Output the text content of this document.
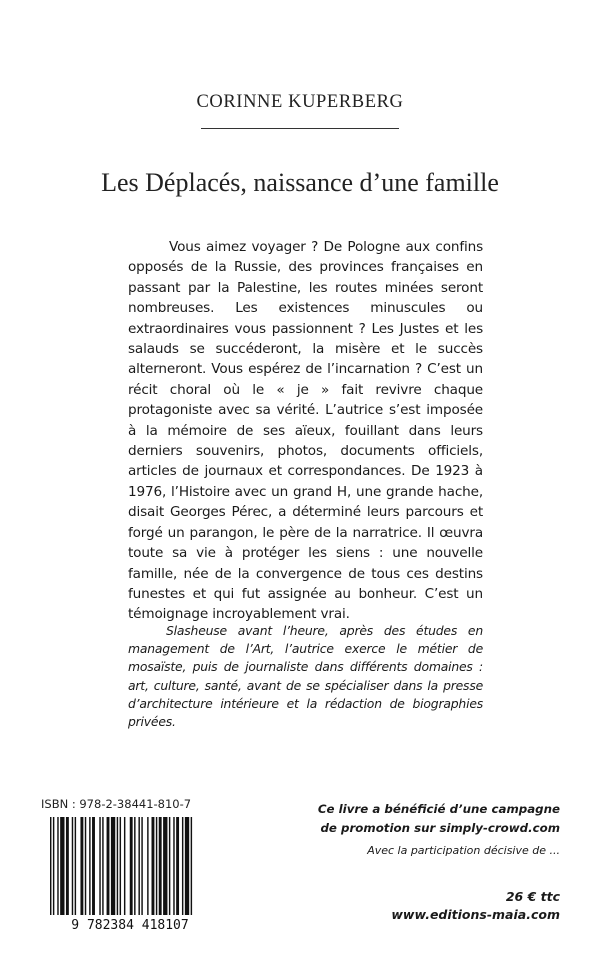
CORINNE KUPERBERG
Les Déplacés, naissance d’une famille

Vous aimez voyager ? De Pologne aux confins opposés de la Russie, des provinces françaises en passant par la Palestine, les routes minées seront nombreuses. Les existences minuscules ou extraordinaires vous passionnent ? Les Justes et les salauds se succéderont, la misère et le succès alterneront. Vous espérez de l’incarnation ? C’est un récit choral où le « je » fait revivre chaque protagoniste avec sa vérité. L’autrice s’est imposée à la mémoire de ses aïeux, fouillant dans leurs derniers souvenirs, photos, documents officiels, articles de journaux et correspondances. De 1923 à 1976, l’Histoire avec un grand H, une grande hache, disait Georges Pérec, a déterminé leurs parcours et forgé un parangon, le père de la narratrice. Il œuvra toute sa vie à protéger les siens : une nouvelle famille, née de la convergence de tous ces destins funestes et qui fut assignée au bonheur. C’est un témoignage incroyablement vrai.

Slasheuse avant l’heure, après des études en management de l’Art, l’autrice exerce le métier de mosaïste, puis de journaliste dans différents domaines : art, culture, santé, avant de se spécialiser dans la presse d’architecture intérieure et la rédaction de biographies privées.

ISBN : 978-2-38441-810-7
9 782384 418107
Ce livre a bénéficié d’une campagne
de promotion sur simply-crowd.com
Avec la participation décisive de ...
26 € ttc
www.editions-maia.com
